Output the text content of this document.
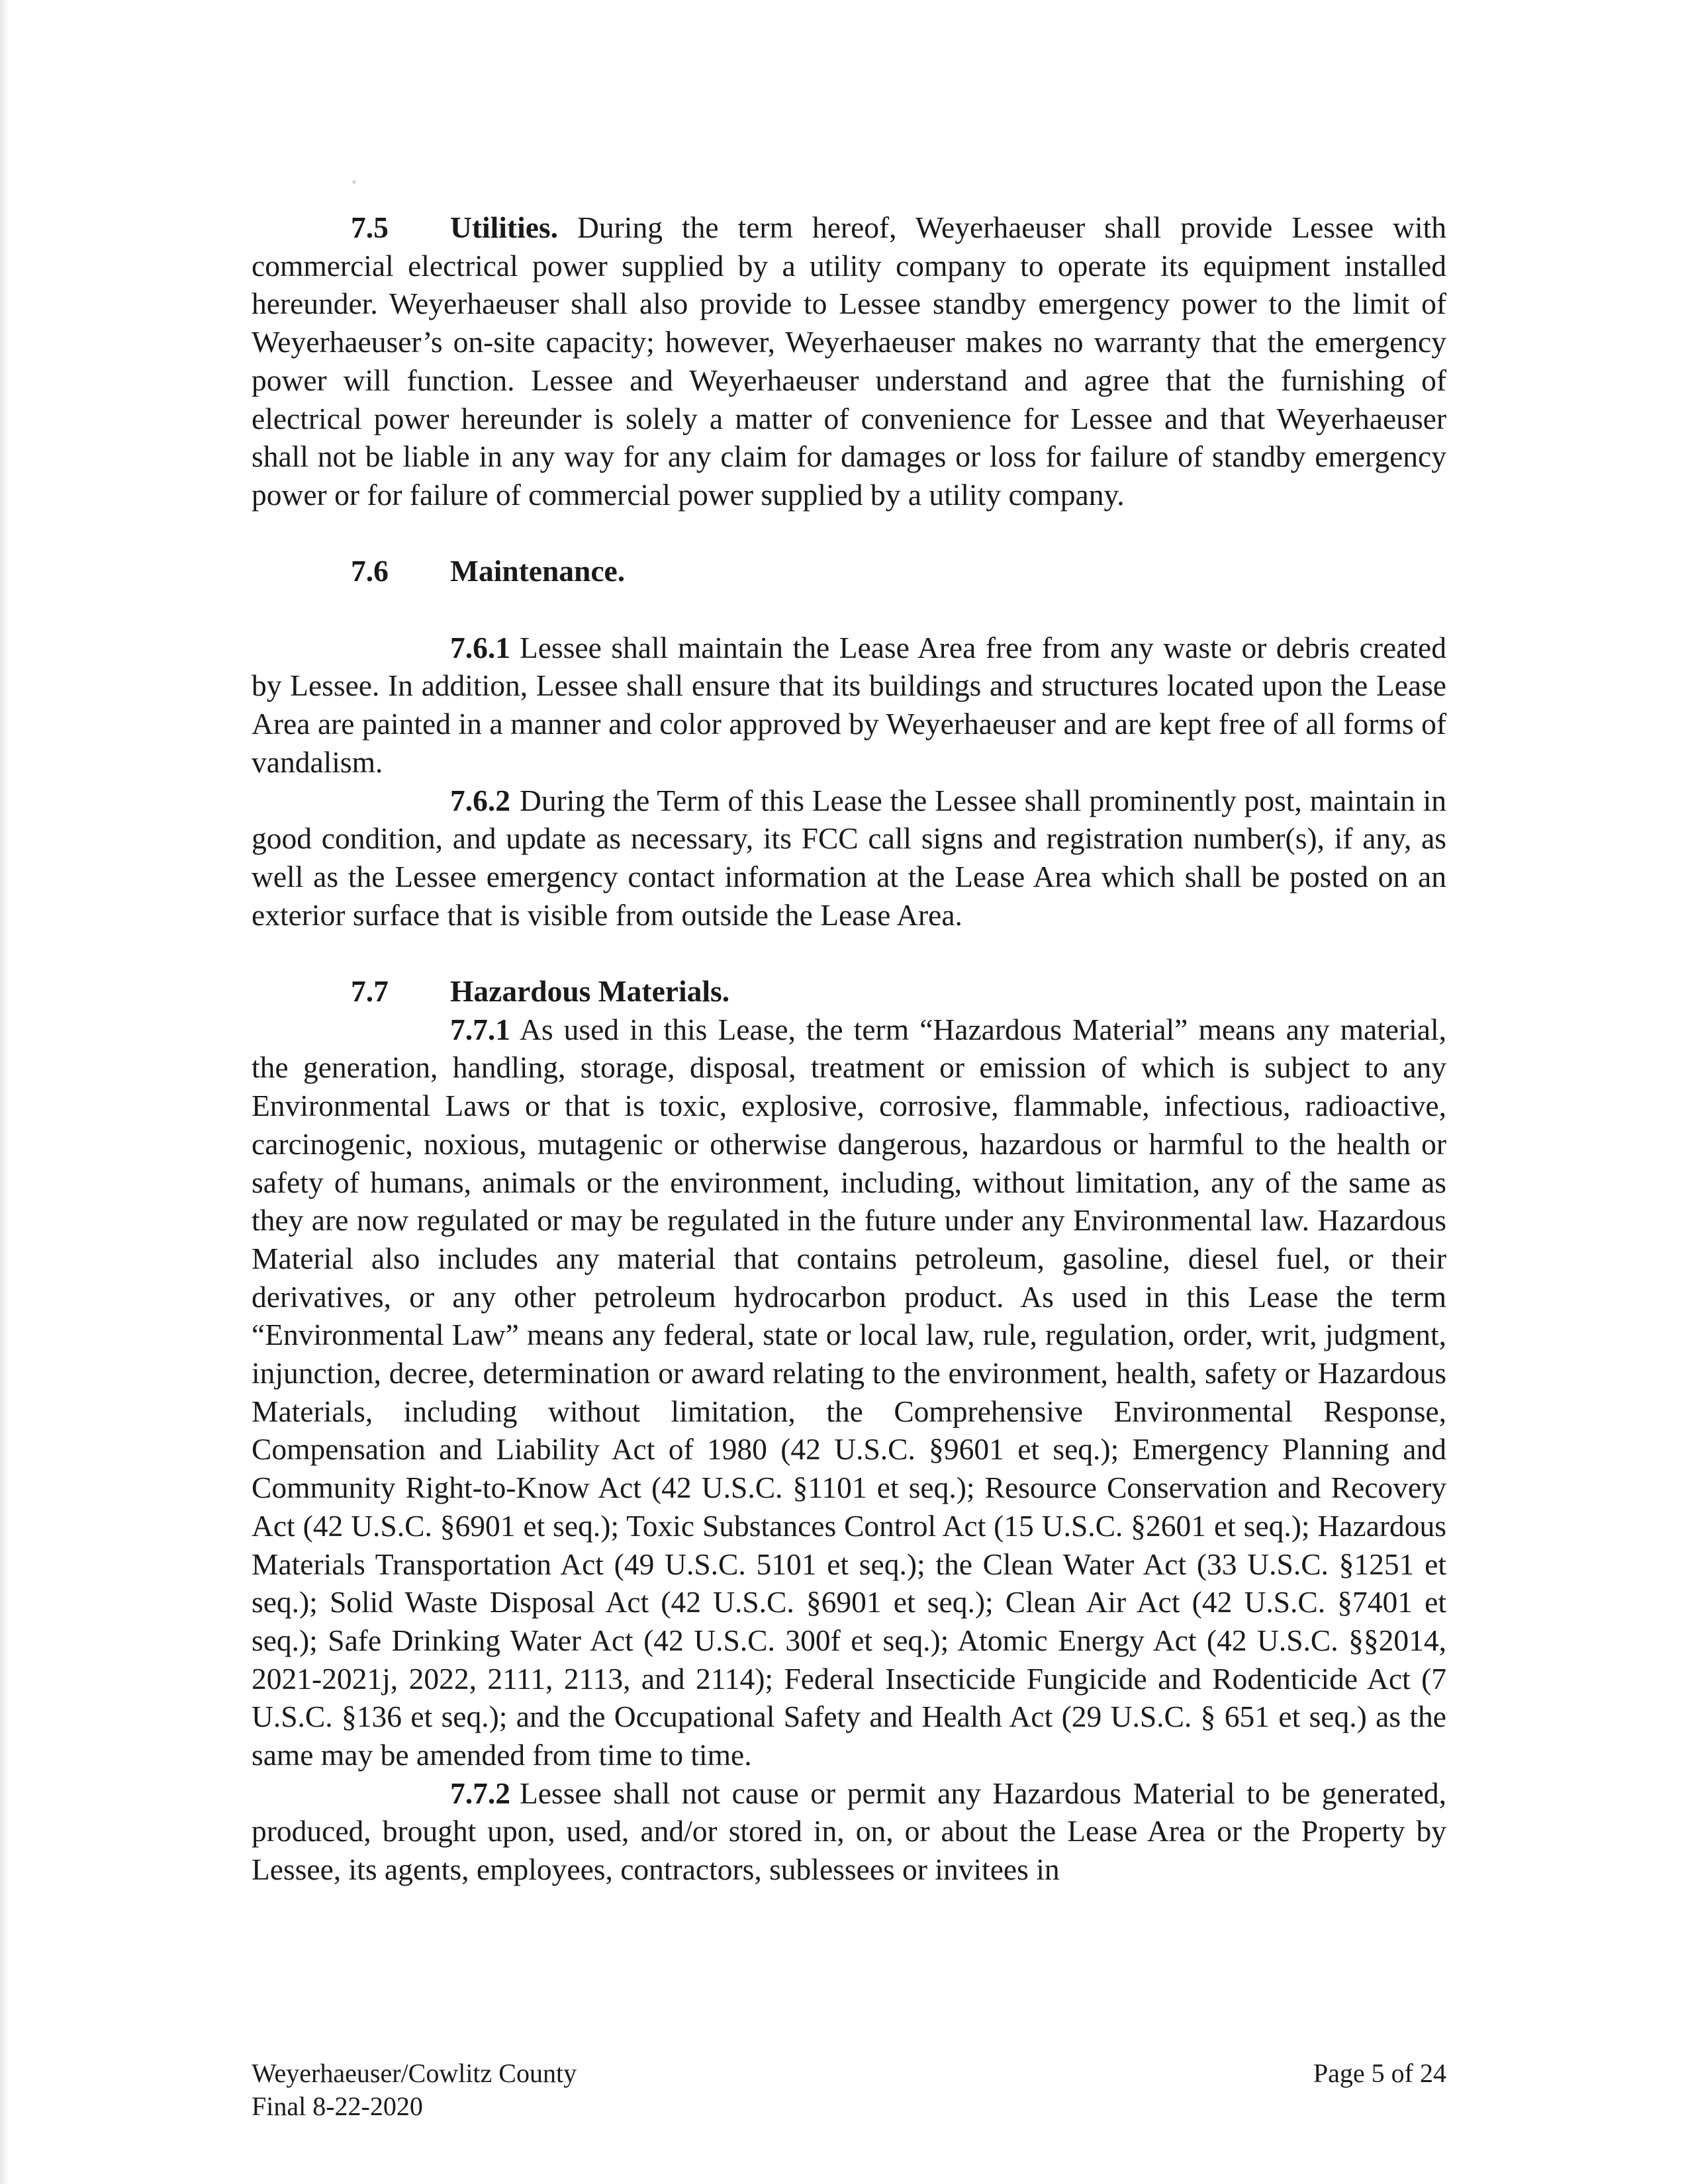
7.5 Utilities. During the term hereof, Weyerhaeuser shall provide Lessee with commercial electrical power supplied by a utility company to operate its equipment installed hereunder. Weyerhaeuser shall also provide to Lessee standby emergency power to the limit of Weyerhaeuser’s on-site capacity; however, Weyerhaeuser makes no warranty that the emergency power will function. Lessee and Weyerhaeuser understand and agree that the furnishing of electrical power hereunder is solely a matter of convenience for Lessee and that Weyerhaeuser shall not be liable in any way for any claim for damages or loss for failure of standby emergency power or for failure of commercial power supplied by a utility company.

7.6 Maintenance.

7.6.1 Lessee shall maintain the Lease Area free from any waste or debris created by Lessee. In addition, Lessee shall ensure that its buildings and structures located upon the Lease Area are painted in a manner and color approved by Weyerhaeuser and are kept free of all forms of vandalism.

7.6.2 During the Term of this Lease the Lessee shall prominently post, maintain in good condition, and update as necessary, its FCC call signs and registration number(s), if any, as well as the Lessee emergency contact information at the Lease Area which shall be posted on an exterior surface that is visible from outside the Lease Area.

7.7 Hazardous Materials.

7.7.1 As used in this Lease, the term “Hazardous Material” means any material, the generation, handling, storage, disposal, treatment or emission of which is subject to any Environmental Laws or that is toxic, explosive, corrosive, flammable, infectious, radioactive, carcinogenic, noxious, mutagenic or otherwise dangerous, hazardous or harmful to the health or safety of humans, animals or the environment, including, without limitation, any of the same as they are now regulated or may be regulated in the future under any Environmental law. Hazardous Material also includes any material that contains petroleum, gasoline, diesel fuel, or their derivatives, or any other petroleum hydrocarbon product. As used in this Lease the term “Environmental Law” means any federal, state or local law, rule, regulation, order, writ, judgment, injunction, decree, determination or award relating to the environment, health, safety or Hazardous Materials, including without limitation, the Comprehensive Environmental Response, Compensation and Liability Act of 1980 (42 U.S.C. §9601 et seq.); Emergency Planning and Community Right-to-Know Act (42 U.S.C. §1101 et seq.); Resource Conservation and Recovery Act (42 U.S.C. §6901 et seq.); Toxic Substances Control Act (15 U.S.C. §2601 et seq.); Hazardous Materials Transportation Act (49 U.S.C. 5101 et seq.); the Clean Water Act (33 U.S.C. §1251 et seq.); Solid Waste Disposal Act (42 U.S.C. §6901 et seq.); Clean Air Act (42 U.S.C. §7401 et seq.); Safe Drinking Water Act (42 U.S.C. 300f et seq.); Atomic Energy Act (42 U.S.C. §§2014, 2021-2021j, 2022, 2111, 2113, and 2114); Federal Insecticide Fungicide and Rodenticide Act (7 U.S.C. §136 et seq.); and the Occupational Safety and Health Act (29 U.S.C. § 651 et seq.) as the same may be amended from time to time.

7.7.2 Lessee shall not cause or permit any Hazardous Material to be generated, produced, brought upon, used, and/or stored in, on, or about the Lease Area or the Property by Lessee, its agents, employees, contractors, sublessees or invitees in

Weyerhaeuser/Cowlitz County
Final 8-22-2020
Page 5 of 24
